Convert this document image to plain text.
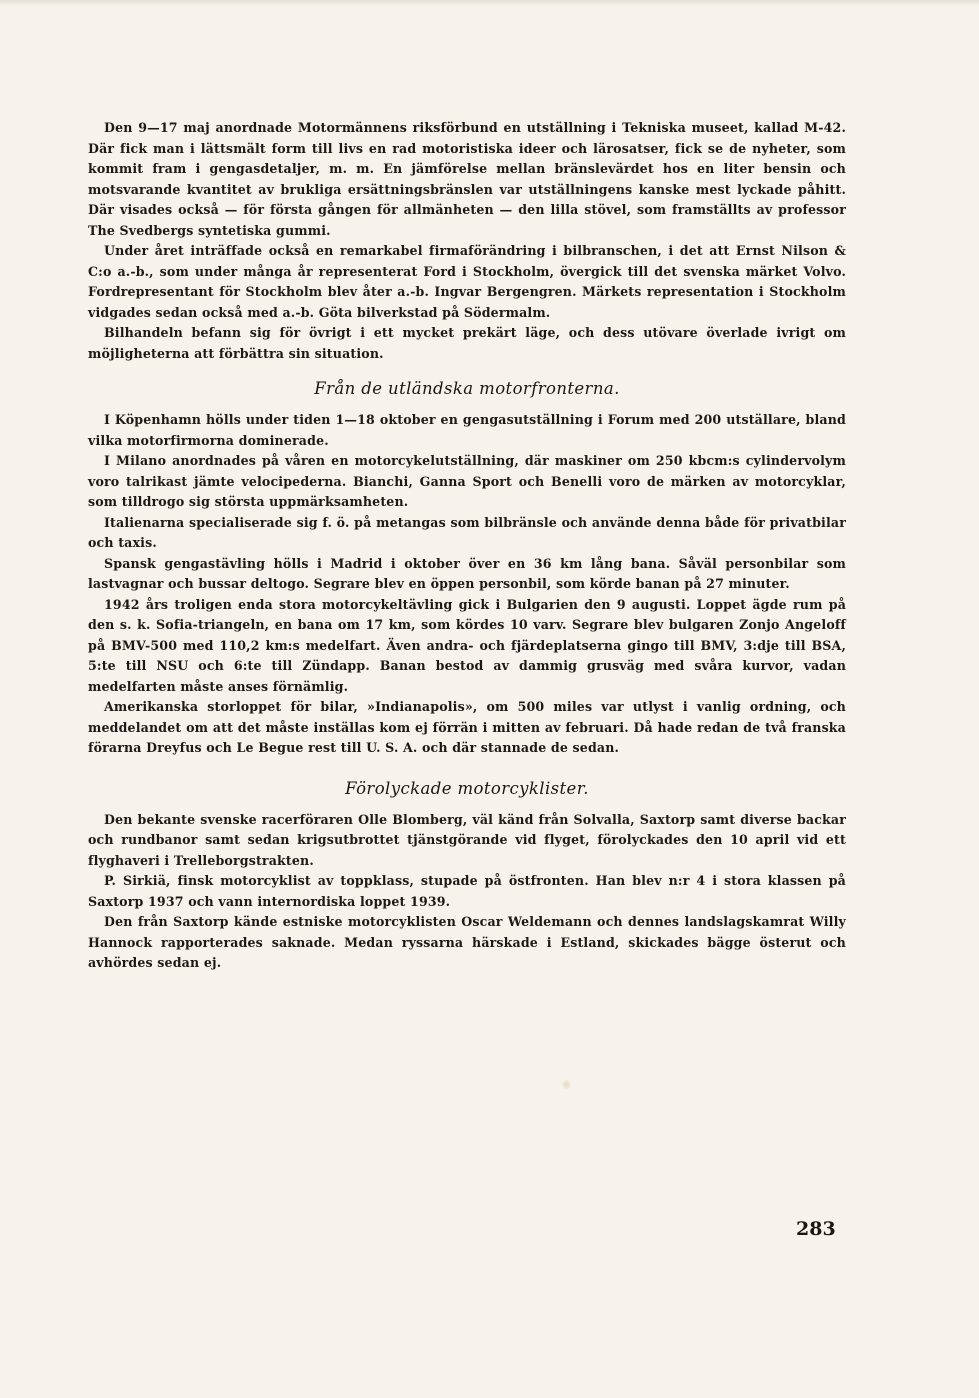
Den 9—17 maj anordnade Motormännens riksförbund en utställning i Tekniska museet, kallad M-42. Där fick man i lättsmält form till livs en rad motoristiska ideer och lärosatser, fick se de nyheter, som kommit fram i gengasdetaljer, m. m. En jämförelse mellan bränslevärdet hos en liter bensin och motsvarande kvantitet av brukliga ersättningsbränslen var utställningens kanske mest lyckade påhitt. Där visades också — för första gången för allmänheten — den lilla stövel, som framställts av professor The Svedbergs syntetiska gummi.

Under året inträffade också en remarkabel firmaförändring i bilbranschen, i det att Ernst Nilson & C:o a.-b., som under många år representerat Ford i Stockholm, övergick till det svenska märket Volvo. Fordrepresentant för Stockholm blev åter a.-b. Ingvar Bergengren. Märkets representation i Stockholm vidgades sedan också med a.-b. Göta bilverkstad på Södermalm.

Bilhandeln befann sig för övrigt i ett mycket prekärt läge, och dess utövare överlade ivrigt om möjligheterna att förbättra sin situation.

Från de utländska motorfronterna.

I Köpenhamn hölls under tiden 1—18 oktober en gengasutställning i Forum med 200 utställare, bland vilka motorfirmorna dominerade.

I Milano anordnades på våren en motorcykelutställning, där maskiner om 250 kbcm:s cylindervolym voro talrikast jämte velocipederna. Bianchi, Ganna Sport och Benelli voro de märken av motorcyklar, som tilldrogo sig största uppmärksamheten.

Italienarna specialiserade sig f. ö. på metangas som bilbränsle och använde denna både för privatbilar och taxis.

Spansk gengastävling hölls i Madrid i oktober över en 36 km lång bana. Såväl personbilar som lastvagnar och bussar deltogo. Segrare blev en öppen personbil, som körde banan på 27 minuter.

1942 års troligen enda stora motorcykeltävling gick i Bulgarien den 9 augusti. Loppet ägde rum på den s. k. Sofia-triangeln, en bana om 17 km, som kördes 10 varv. Segrare blev bulgaren Zonjo Angeloff på BMV-500 med 110,2 km:s medelfart. Även andra- och fjärdeplatserna gingo till BMV, 3:dje till BSA, 5:te till NSU och 6:te till Zündapp. Banan bestod av dammig grusväg med svåra kurvor, vadan medelfarten måste anses förnämlig.

Amerikanska storloppet för bilar, »Indianapolis», om 500 miles var utlyst i vanlig ordning, och meddelandet om att det måste inställas kom ej förrän i mitten av februari. Då hade redan de två franska förarna Dreyfus och Le Begue rest till U. S. A. och där stannade de sedan.

Förolyckade motorcyklister.

Den bekante svenske racerföraren Olle Blomberg, väl känd från Solvalla, Saxtorp samt diverse backar och rundbanor samt sedan krigsutbrottet tjänstgörande vid flyget, förolyckades den 10 april vid ett flyghaveri i Trelleborgstrakten.

P. Sirkiä, finsk motorcyklist av toppklass, stupade på östfronten. Han blev n:r 4 i stora klassen på Saxtorp 1937 och vann internordiska loppet 1939.

Den från Saxtorp kände estniske motorcyklisten Oscar Weldemann och dennes landslagskamrat Willy Hannock rapporterades saknade. Medan ryssarna härskade i Estland, skickades bägge österut och avhördes sedan ej.

283
